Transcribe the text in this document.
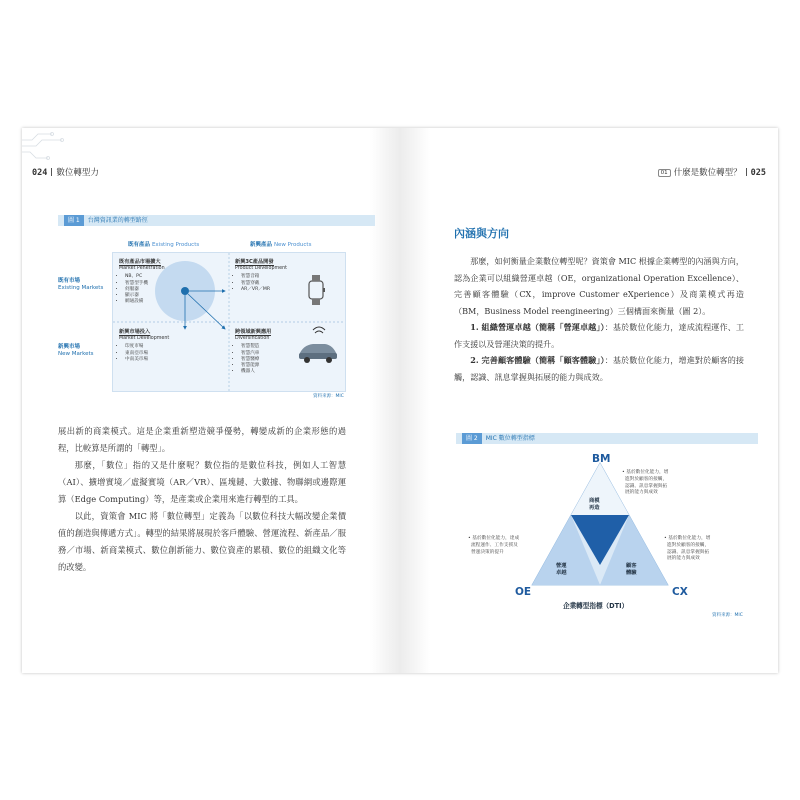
024 數位轉型力
圖 1 台灣資訊業的轉型路徑
01 什麼是數位轉型？ 025
圖 2 MIC 數位轉型指標
既有產品 Existing Products	新興產品 New Products
既有市場
Existing Markets
新興市場
New Markets
既有產品市場擴大
Market Penetration
• NB、PC
• 智慧型手機
• 伺服器
• 顯示器
• 網通設備
新興3C產品開發
Product Development
• 智慧音箱
• 智慧穿戴
• AR／VR／MR
新興市場投入
Market Development
• 印度市場
• 東南亞市場
• 中南美市場
跨領域新興應用
Diversification
• 智慧製造
• 智慧汽車
• 智慧醫療
• 智慧能源
• 機器人
資料來源：MIC

展出新的商業模式。這是企業重新塑造競爭優勢，轉變成新的企業形態的過程，比較算是所謂的「轉型」。

那麼，「數位」指的又是什麼呢？數位指的是數位科技，例如人工智慧（AI）、擴增實境／虛擬實境（AR／VR）、區塊鏈、大數據、物聯網或邊際運算（Edge Computing）等，是產業或企業用來進行轉型的工具。

以此，資策會 MIC 將「數位轉型」定義為「以數位科技大幅改變企業價值的創造與傳遞方式」。轉型的結果將展現於客戶體驗、營運流程、新產品／服務／市場、新商業模式、數位創新能力、數位資產的累積、數位的組織文化等的改變。

內涵與方向

那麼，如何衡量企業數位轉型呢？資策會 MIC 根據企業轉型的內涵與方向，認為企業可以組織營運卓越（OE，organizational Operation Excellence）、完善顧客體驗（CX，improve Customer eXperience）及商業模式再造（BM，Business Model reengineering）三個構面來衡量（圖 2）。

1. 組織營運卓越（簡稱「營運卓越」）：基於數位化能力，達成流程運作、工作支援以及營運決策的提升。

2. 完善顧客體驗（簡稱「顧客體驗」）：基於數位化能力，增進對於顧客的接觸，認識、訊息掌握與拓展的能力與成效。

BM
OE	CX
商模
再造
營運
卓越
顧客
體驗
企業轉型指標（DTI）
• 基於數位化能力，增
進對於顧客的接觸，
認識、訊息掌握與拓
展的能力與成效
• 基於數位化能力，達成
流程運作、工作支援及
營運決策的提升
• 基於數位化能力，增
進對於顧客的接觸，
認識、訊息掌握與拓
展的能力與成效
資料來源：MIC
